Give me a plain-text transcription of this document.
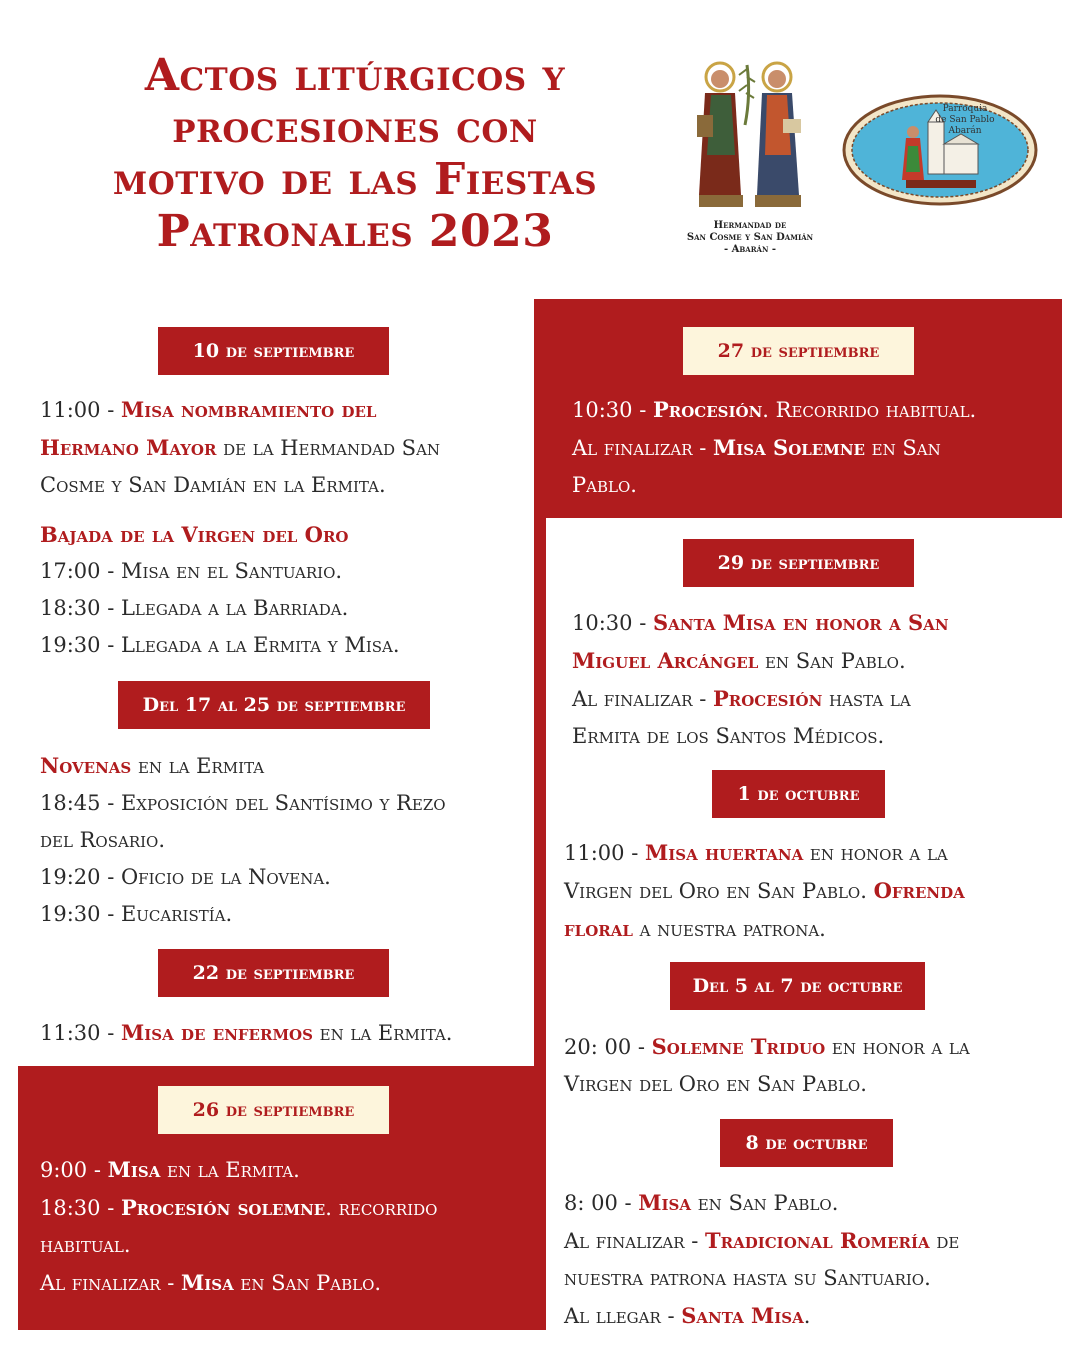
Actos litúrgicos y
procesiones con
motivo de las Fiestas
Patronales 2023	Hermandad de
San Cosme y San Damián
- Abarán -
Parroquia
de San Pablo
Abarán
10 de septiembre
11:00 - Misa nombramiento del
Hermano Mayor de la Hermandad San
Cosme y San Damián en la Ermita.
Bajada de la Virgen del Oro
17:00 - Misa en el Santuario.
18:30 - Llegada a la Barriada.
19:30 - Llegada a la Ermita y Misa.
Del 17 al 25 de septiembre
Novenas en la Ermita
18:45 - Exposición del Santísimo y Rezo
del Rosario.
19:20 - Oficio de la Novena.
19:30 - Eucaristía.
22 de septiembre
11:30 - Misa de enfermos en la Ermita.
26 de septiembre
9:00 - Misa en la Ermita.
18:30 - Procesión solemne. recorrido
habitual.
Al finalizar - Misa en San Pablo.
27 de septiembre
10:30 - Procesión. Recorrido habitual.
Al finalizar - Misa Solemne en San
Pablo.
29 de septiembre
10:30 - Santa Misa en honor a San
Miguel Arcángel en San Pablo.
Al finalizar - Procesión hasta la
Ermita de los Santos Médicos.
1 de octubre
11:00 - Misa huertana en honor a la
Virgen del Oro en San Pablo. Ofrenda
floral a nuestra patrona.
Del 5 al 7 de octubre
20: 00 - Solemne Triduo en honor a la
Virgen del Oro en San Pablo.
8 de octubre
8: 00 - Misa en San Pablo.
Al finalizar - Tradicional Romería de
nuestra patrona hasta su Santuario.
Al llegar - Santa Misa.
